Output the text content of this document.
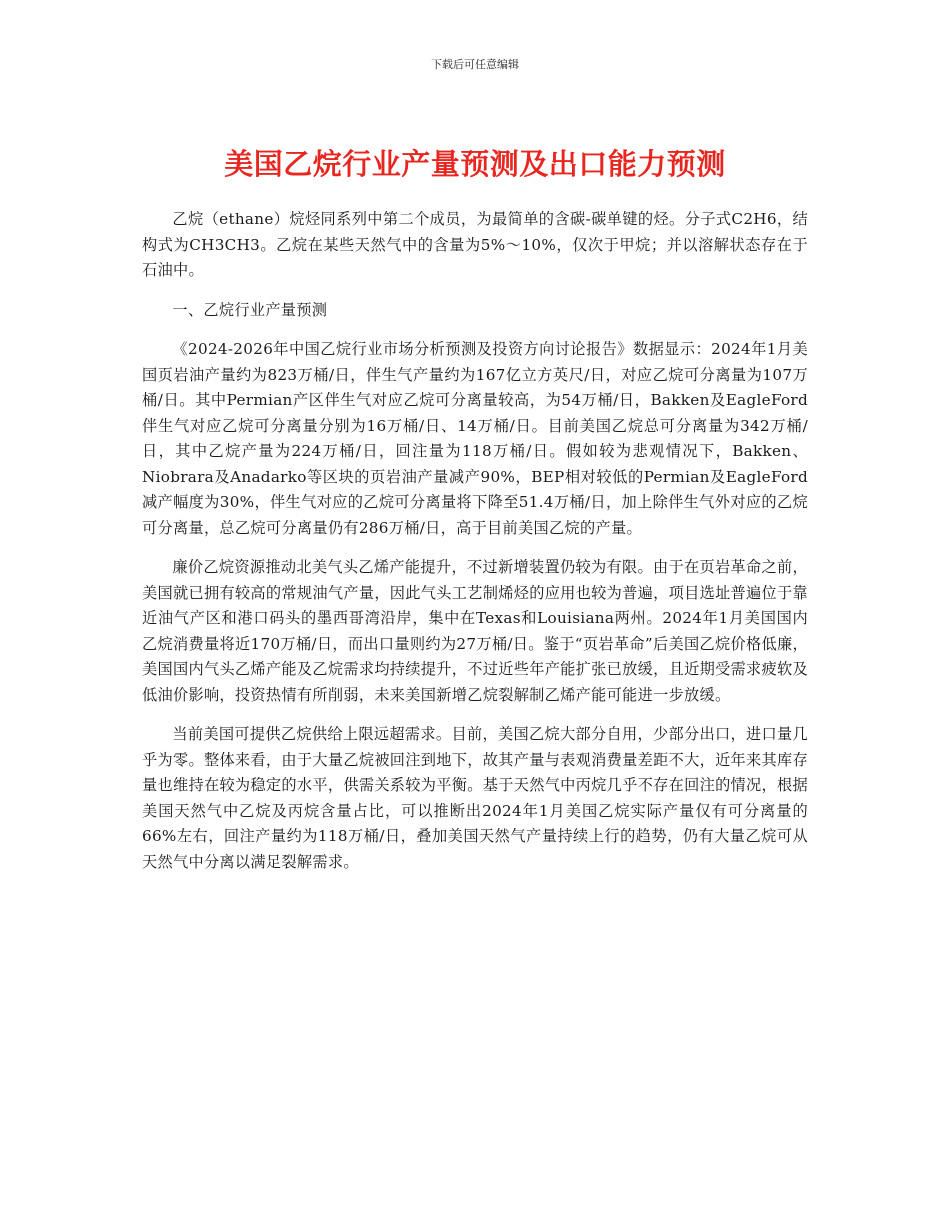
下载后可任意编辑
美国乙烷行业产量预测及出口能力预测

乙烷（ethane）烷烃同系列中第二个成员，为最简单的含碳-碳单键的烃。分子式C2H6，结构式为CH3CH3。乙烷在某些天然气中的含量为5%～10%，仅次于甲烷；并以溶解状态存在于石油中。

一、乙烷行业产量预测

《2024-2026年中国乙烷行业市场分析预测及投资方向讨论报告》数据显示：2024年1月美国页岩油产量约为823万桶/日，伴生气产量约为167亿立方英尺/日，对应乙烷可分离量为107万桶/日。其中Permian产区伴生气对应乙烷可分离量较高，为54万桶/日，Bakken及EagleFord伴生气对应乙烷可分离量分别为16万桶/日、14万桶/日。目前美国乙烷总可分离量为342万桶/日，其中乙烷产量为224万桶/日，回注量为118万桶/日。假如较为悲观情况下，Bakken、Niobrara及Anadarko等区块的页岩油产量减产90%，BEP相对较低的Permian及EagleFord减产幅度为30%，伴生气对应的乙烷可分离量将下降至51.4万桶/日，加上除伴生气外对应的乙烷可分离量，总乙烷可分离量仍有286万桶/日，高于目前美国乙烷的产量。

廉价乙烷资源推动北美气头乙烯产能提升，不过新增装置仍较为有限。由于在页岩革命之前，美国就已拥有较高的常规油气产量，因此气头工艺制烯烃的应用也较为普遍，项目选址普遍位于靠近油气产区和港口码头的墨西哥湾沿岸，集中在Texas和Louisiana两州。2024年1月美国国内乙烷消费量将近170万桶/日，而出口量则约为27万桶/日。鉴于“页岩革命”后美国乙烷价格低廉，美国国内气头乙烯产能及乙烷需求均持续提升，不过近些年产能扩张已放缓，且近期受需求疲软及低油价影响，投资热情有所削弱，未来美国新增乙烷裂解制乙烯产能可能进一步放缓。

当前美国可提供乙烷供给上限远超需求。目前，美国乙烷大部分自用，少部分出口，进口量几乎为零。整体来看，由于大量乙烷被回注到地下，故其产量与表观消费量差距不大，近年来其库存量也维持在较为稳定的水平，供需关系较为平衡。基于天然气中丙烷几乎不存在回注的情况，根据美国天然气中乙烷及丙烷含量占比，可以推断出2024年1月美国乙烷实际产量仅有可分离量的66%左右，回注产量约为118万桶/日，叠加美国天然气产量持续上行的趋势，仍有大量乙烷可从天然气中分离以满足裂解需求。
